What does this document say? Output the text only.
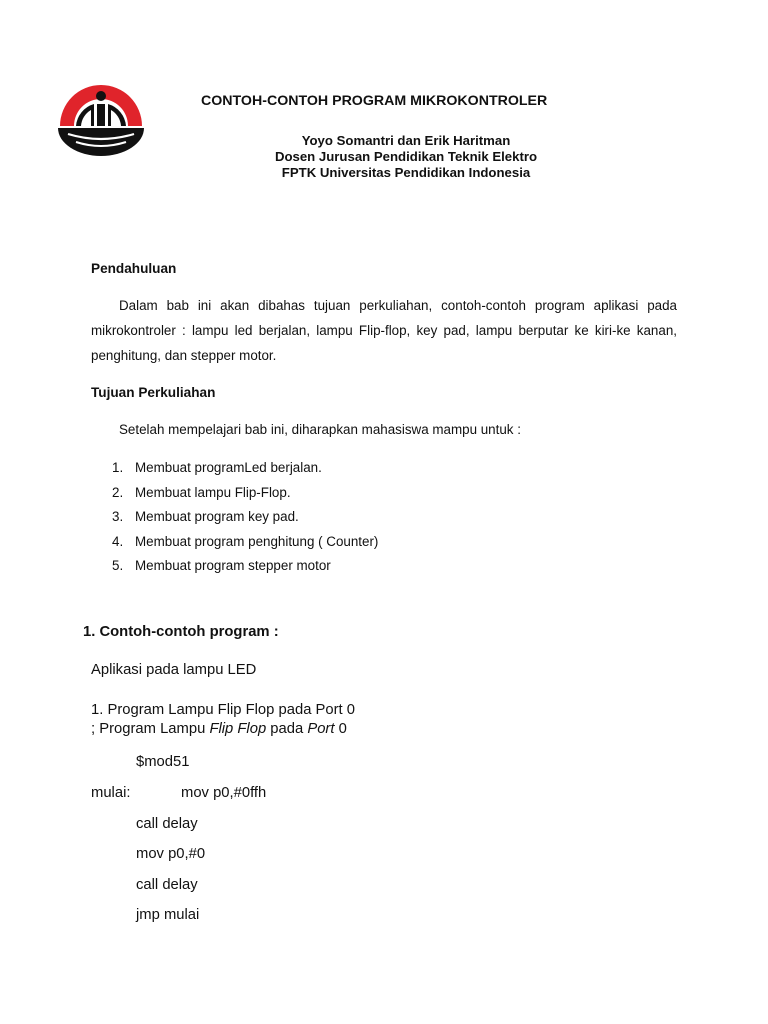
CONTOH-CONTOH PROGRAM MIKROKONTROLER
Yoyo Somantri dan Erik Haritman
Dosen Jurusan Pendidikan Teknik Elektro
FPTK Universitas Pendidikan Indonesia
Pendahuluan
Dalam bab ini akan dibahas tujuan perkuliahan, contoh-contoh program aplikasi pada mikrokontroler : lampu led berjalan, lampu Flip-flop, key pad, lampu berputar ke kiri-ke kanan, penghitung, dan stepper motor.
Tujuan Perkuliahan
Setelah mempelajari bab ini, diharapkan mahasiswa mampu untuk :
1. Membuat programLed berjalan.
2. Membuat lampu Flip-Flop.
3. Membuat program key pad.
4. Membuat program penghitung ( Counter)
5. Membuat program stepper motor
1. Contoh-contoh program :
Aplikasi pada lampu LED
1. Program Lampu Flip Flop pada Port 0
; Program Lampu Flip Flop pada Port 0
$mod51
mulai:	mov p0,#0ffh
call delay
mov p0,#0
call delay
jmp mulai
